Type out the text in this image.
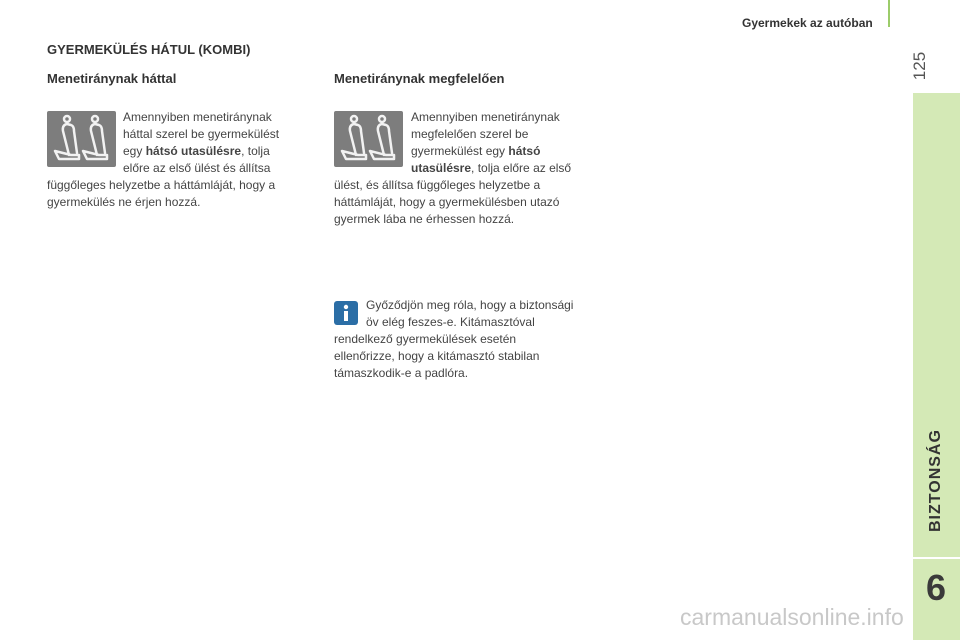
Gyermekek az autóban
125
BIZTONSÁG
6
GYERMEKÜLÉS HÁTUL (KOMBI)
Menetiránynak háttal
Amennyiben menetiránynak
háttal szerel be gyermekülést
egy hátsó utasülésre, tolja
előre az első ülést és állítsa
függőleges helyzetbe a háttámláját, hogy a
gyermekülés ne érjen hozzá.
Menetiránynak megfelelően
Amennyiben menetiránynak
megfelelően szerel be
gyermekülést egy hátsó
utasülésre, tolja előre az első
ülést, és állítsa függőleges helyzetbe a
háttámláját, hogy a gyermekülésben utazó
gyermek lába ne érhessen hozzá.
Győződjön meg róla, hogy a biztonsági
öv elég feszes-e. Kitámasztóval
rendelkező gyermekülések esetén
ellenőrizze, hogy a kitámasztó stabilan
támaszkodik-e a padlóra.
carmanualsonline.info
